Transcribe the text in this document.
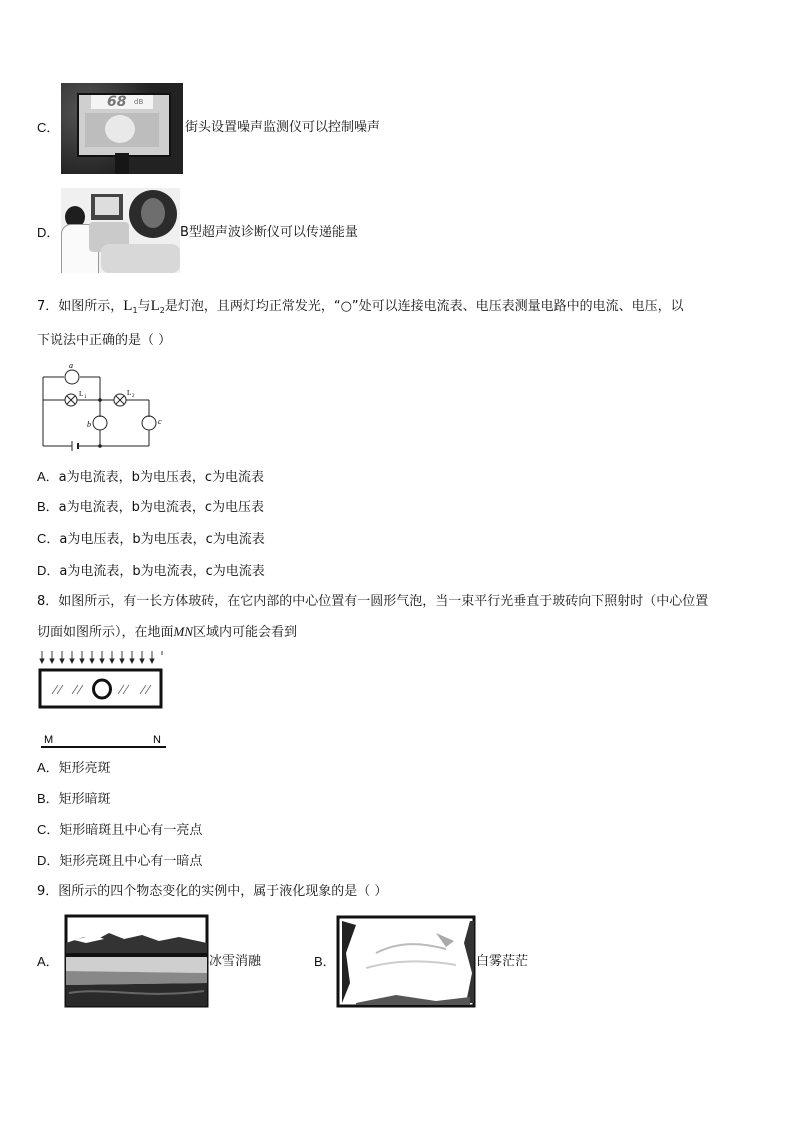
C．
68 dB
街头设置噪声监测仪可以控制噪声
D．	B型超声波诊断仪可以传递能量
7．如图所示，$L_1$与$L_2$是灯泡，且两灯均正常发光，“○”处可以连接电流表、电压表测量电路中的电流、电压，以
下说法中正确的是（ ）
a
b	c
L 1
L 2
A．a为电流表，b为电压表，c为电流表
B．a为电流表，b为电流表，c为电压表
C．a为电压表，b为电压表，c为电流表
D．a为电流表，b为电流表，c为电流表
8．如图所示，有一长方体玻砖，在它内部的中心位置有一圆形气泡，当一束平行光垂直于玻砖向下照射时（中心位置
切面如图所示），在地面MN区域内可能会看到
M	N
A．矩形亮斑
B．矩形暗斑
C．矩形暗斑且中心有一亮点
D．矩形亮斑且中心有一暗点
9．图所示的四个物态变化的实例中，属于液化现象的是（ ）
A．	冰雪消融	B．	白雾茫茫
